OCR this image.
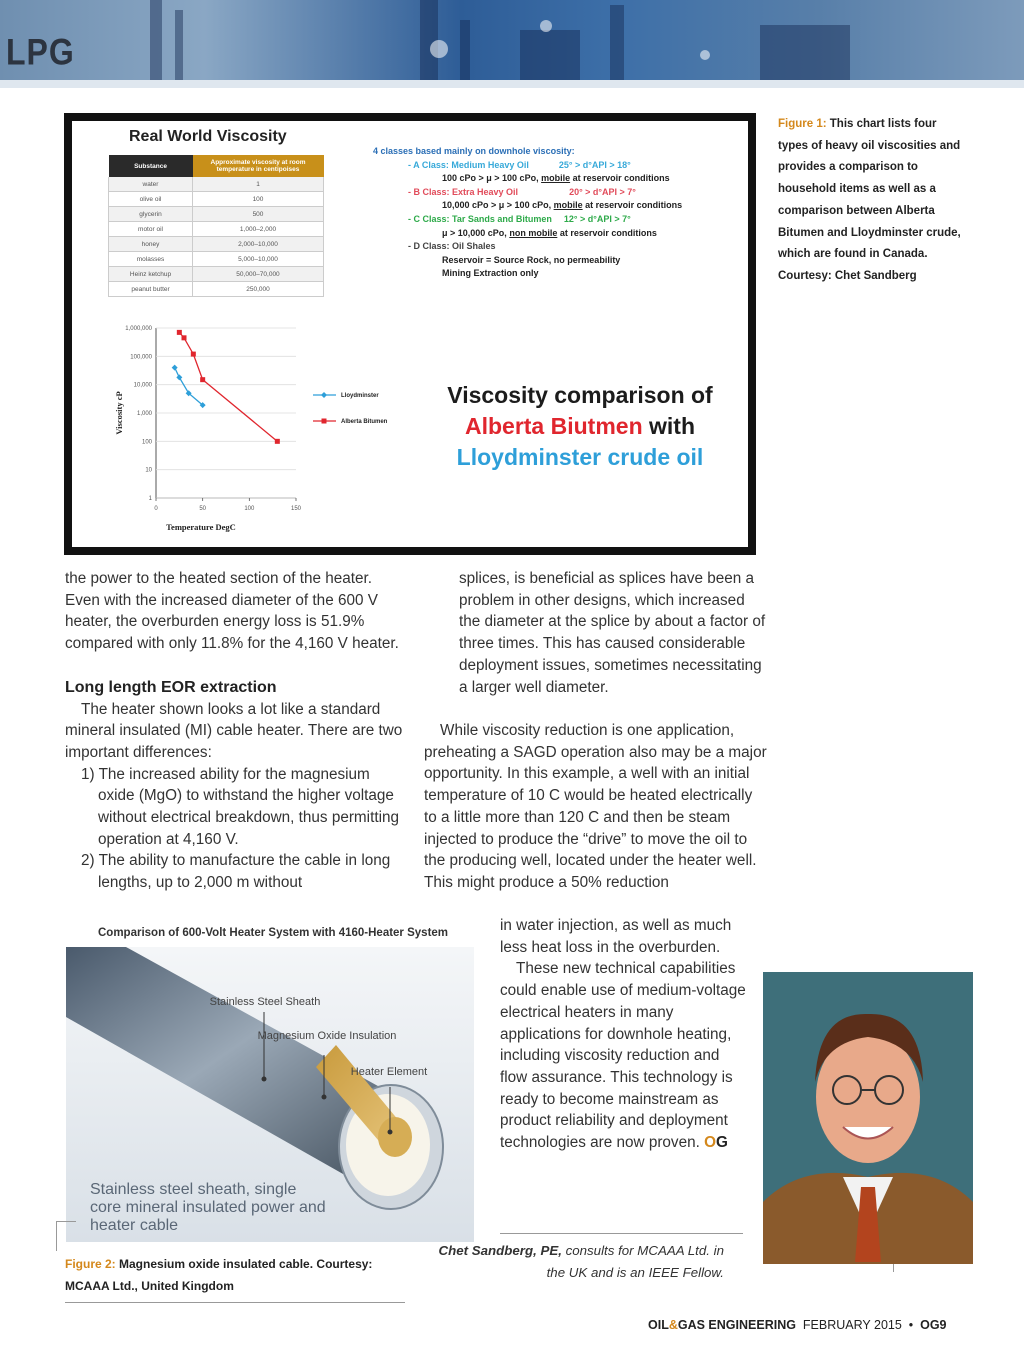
LPG
Real World Viscosity
Substance	Approximate viscosity at room temperature in centipoises
water	1
olive oil	100
glycerin	500
motor oil	1,000–2,000
honey	2,000–10,000
molasses	5,000–10,000
Heinz ketchup	50,000–70,000
peanut butter	250,000
4 classes based mainly on downhole viscosity:
- A Class: Medium Heavy Oil	25° > d°API > 18°
100 cPo > μ > 100 cPo, mobile at reservoir conditions
- B Class: Extra Heavy Oil	20° > d°API > 7°
10,000 cPo > μ > 100 cPo, mobile at reservoir conditions
- C Class: Tar Sands and Bitumen 12° > d°API > 7°
μ > 10,000 cPo, non mobile at reservoir conditions
- D Class: Oil Shales
Reservoir = Source Rock, no permeability
Mining Extraction only
1
10
100
1,000
10,000
100,000
1,000,000
0	50	100	150
Temperature DegC
Viscosity cP	Lloydminster
Alberta Bitumen
Viscosity comparison of
Alberta Biutmen with
Lloydminster crude oil
Figure 1: This chart lists four types of heavy oil viscosities and provides a comparison to household items as well as a comparison between Alberta Bitumen and Lloydminster crude, which are found in Canada. Courtesy: Chet Sandberg
the power to the heated section of the heater. Even with the increased diameter of the 600 V heater, the overburden energy loss is 51.9% compared with only 11.8% for the 4,160 V heater.
Long length EOR extraction
The heater shown looks a lot like a standard mineral insulated (MI) cable heater. There are two important differences:
1) The increased ability for the magnesium oxide (MgO) to withstand the higher voltage without electrical breakdown, thus permitting operation at 4,160 V.
2) The ability to manufacture the cable in long lengths, up to 2,000 m without
splices, is beneficial as splices have been a problem in other designs, which increased the diameter at the splice by about a factor of three times. This has caused considerable deployment issues, sometimes necessitating a larger well diameter.
While viscosity reduction is one application, preheating a SAGD operation also may be a major opportunity. In this example, a well with an initial temperature of 10 C would be heated electrically to a little more than 120 C and then be steam injected to produce the “drive” to move the oil to the producing well, located under the heater well. This might produce a 50% reduction
in water injection, as well as much less heat loss in the overburden.
These new technical capabilities could enable use of medium-voltage electrical heaters in many applications for downhole heating, including viscosity reduction and flow assurance. This technology is ready to become mainstream as product reliability and deployment technologies are now proven. OG
Comparison of 600-Volt Heater System with 4160-Heater System
Stainless Steel Sheath
Magnesium Oxide Insulation
Heater Element
Stainless steel sheath, single core mineral insulated power and heater cable
Figure 2: Magnesium oxide insulated cable. Courtesy: MCAAA Ltd., United Kingdom
Chet Sandberg, PE, consults for MCAAA Ltd. in the UK and is an IEEE Fellow.
OIL&GAS ENGINEERING FEBRUARY 2015 • OG9
